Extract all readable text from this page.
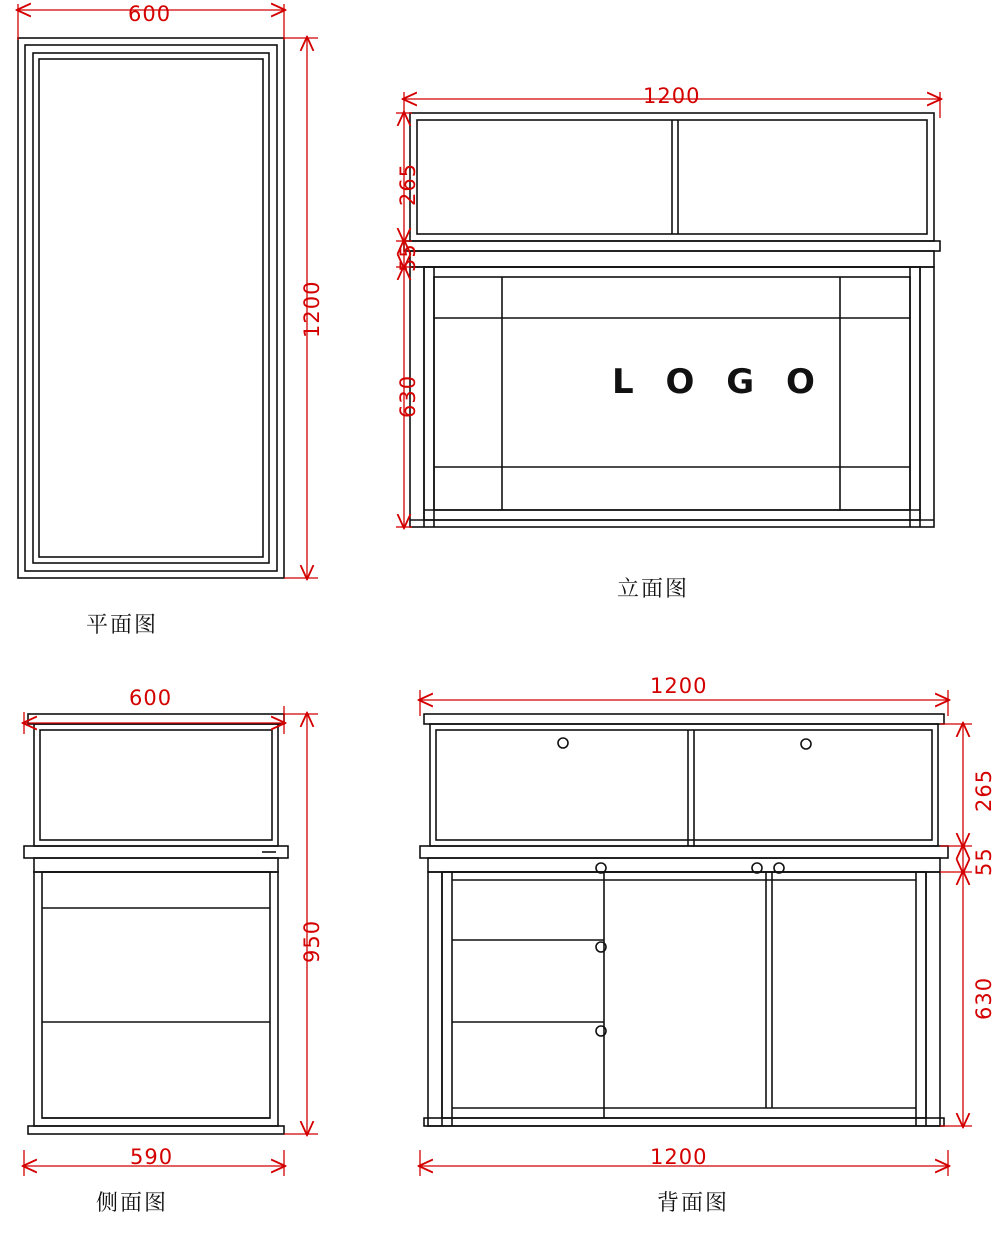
600
1200
平面图
1200
265
55
630	L O G O
立面图
600
950
590
侧面图
1200
265
55
630
1200
背面图
